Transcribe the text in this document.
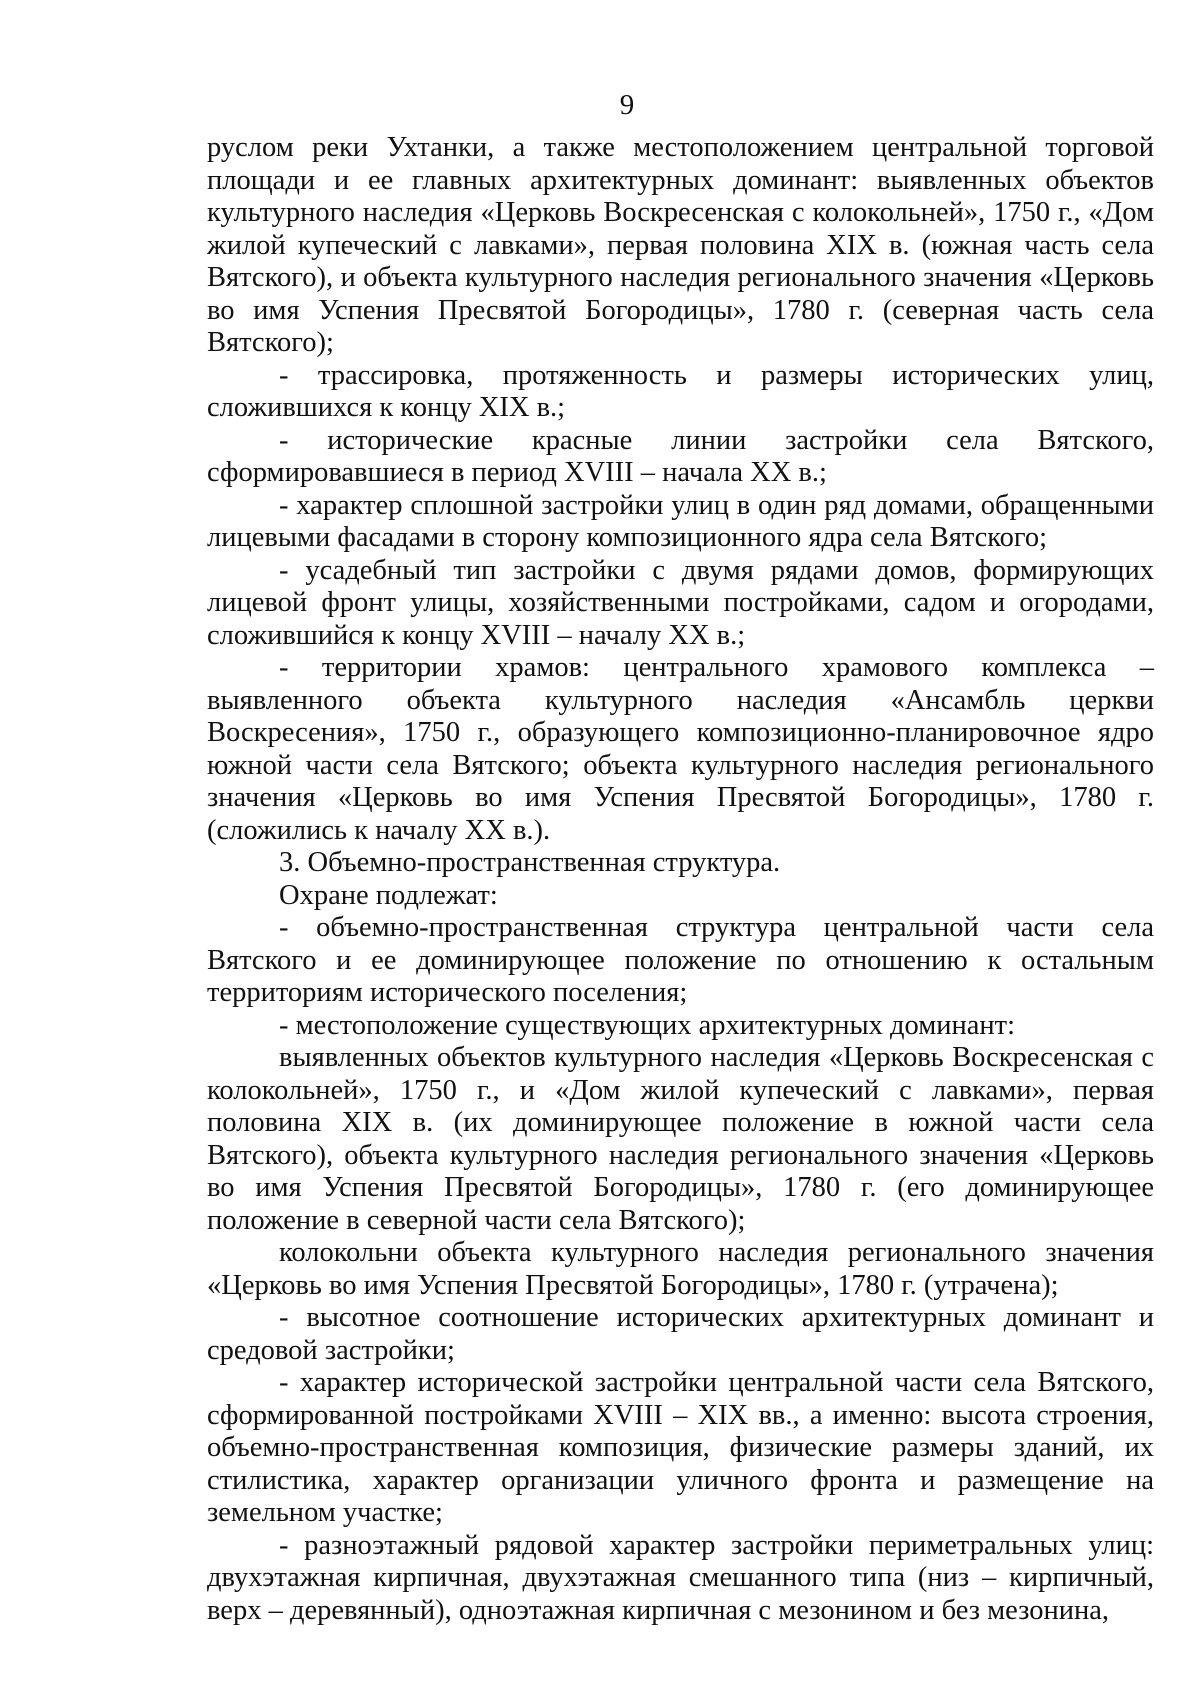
9

руслом реки Ухтанки, а также местоположением центральной торговой площади и ее главных архитектурных доминант: выявленных объектов культурного наследия «Церковь Воскресенская с колокольней», 1750 г., «Дом жилой купеческий с лавками», первая половина XIX в. (южная часть села Вятского), и объекта культурного наследия регионального значения «Церковь во имя Успения Пресвятой Богородицы», 1780 г. (северная часть села Вятского);

- трассировка, протяженность и размеры исторических улиц, сложившихся к концу XIX в.;

- исторические красные линии застройки села Вятского, сформировавшиеся в период XVIII – начала XX в.;

- характер сплошной застройки улиц в один ряд домами, обращенными лицевыми фасадами в сторону композиционного ядра села Вятского;

- усадебный тип застройки с двумя рядами домов, формирующих лицевой фронт улицы, хозяйственными постройками, садом и огородами, сложившийся к концу XVIII – началу XX в.;

- территории храмов: центрального храмового комплекса – выявленного объекта культурного наследия «Ансамбль церкви Воскресения», 1750 г., образующего композиционно-планировочное ядро южной части села Вятского; объекта культурного наследия регионального значения «Церковь во имя Успения Пресвятой Богородицы», 1780 г. (сложились к началу XX в.).

3. Объемно-пространственная структура.

Охране подлежат:

- объемно-пространственная структура центральной части села Вятского и ее доминирующее положение по отношению к остальным территориям исторического поселения;

- местоположение существующих архитектурных доминант:

выявленных объектов культурного наследия «Церковь Воскресенская с колокольней», 1750 г., и «Дом жилой купеческий с лавками», первая половина XIX в. (их доминирующее положение в южной части села Вятского), объекта культурного наследия регионального значения «Церковь во имя Успения Пресвятой Богородицы», 1780 г. (его доминирующее положение в северной части села Вятского);

колокольни объекта культурного наследия регионального значения «Церковь во имя Успения Пресвятой Богородицы», 1780 г. (утрачена);

- высотное соотношение исторических архитектурных доминант и средовой застройки;

- характер исторической застройки центральной части села Вятского, сформированной постройками XVIII – XIX вв., а именно: высота строения, объемно-пространственная композиция, физические размеры зданий, их стилистика, характер организации уличного фронта и размещение на земельном участке;

- разноэтажный рядовой характер застройки периметральных улиц: двухэтажная кирпичная, двухэтажная смешанного типа (низ – кирпичный, верх – деревянный), одноэтажная кирпичная с мезонином и без мезонина,
